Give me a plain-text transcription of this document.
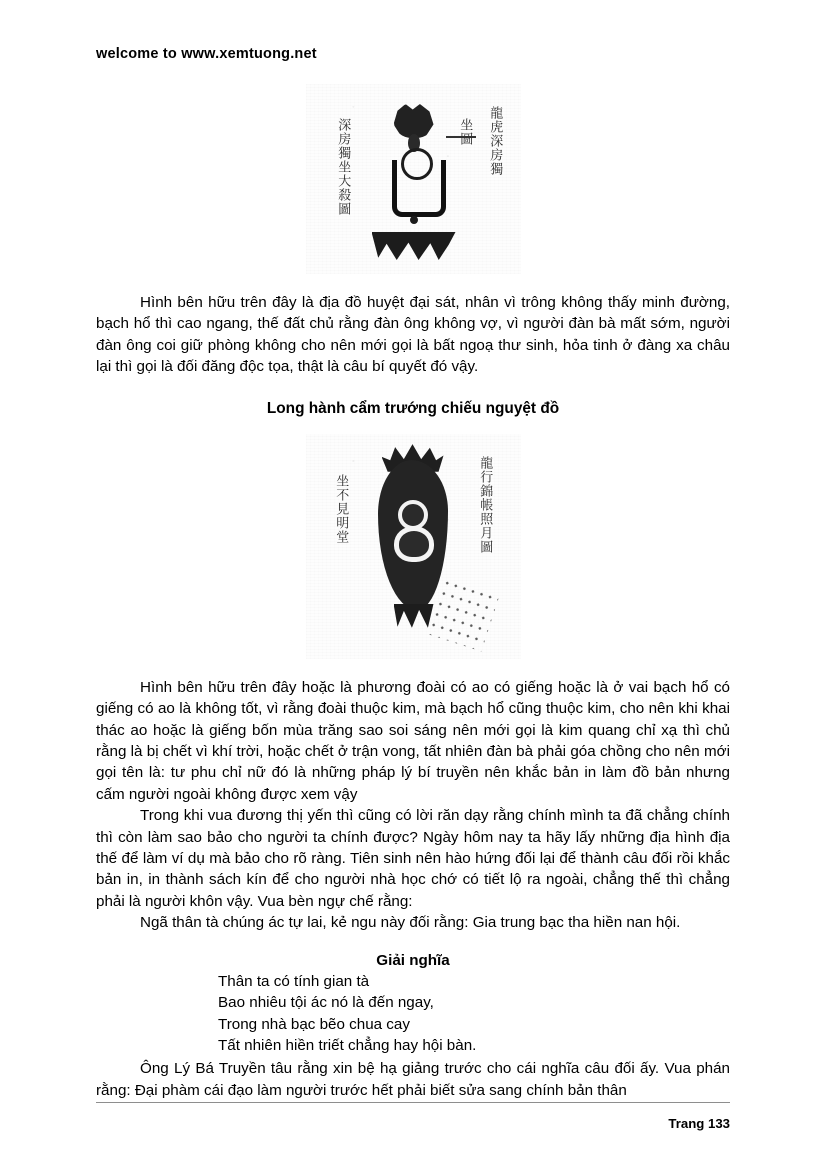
welcome to www.xemtuong.net
深房獨坐大殺圖	坐圖 龍虎深房獨

Hình bên hữu trên đây là địa đồ huyệt đại sát, nhân vì trông không thấy minh đường, bạch hổ thì cao ngang, thế đất chủ rằng đàn ông không vợ, vì người đàn bà mất sớm, người đàn ông coi giữ phòng không cho nên mới gọi là bất ngoạ thư sinh, hỏa tinh ở đàng xa châu lại thì gọi là đối đăng độc tọa, thật là câu bí quyết đó vậy.

Long hành cẩm trướng chiếu nguyệt đồ
坐不見明堂	龍行錦帳照月圖

Hình bên hữu trên đây hoặc là phương đoài có ao có giếng hoặc là ở vai bạch hổ có giếng có ao là không tốt, vì rằng đoài thuộc kim, mà bạch hổ cũng thuộc kim, cho nên khi khai thác ao hoặc là giếng bốn mùa trăng sao soi sáng nên mới gọi là kim quang chỉ xạ thì chủ rằng là bị chết vì khí trời, hoặc chết ở trận vong, tất nhiên đàn bà phải góa chồng cho nên mới gọi tên là: tư phu chỉ nữ đó là những pháp lý bí truyền nên khắc bản in làm đồ bản nhưng cấm người ngoài không được xem vậy

Trong khi vua đương thị yến thì cũng có lời răn dạy rằng chính mình ta đã chẳng chính thì còn làm sao bảo cho người ta chính được? Ngày hôm nay ta hãy lấy những địa hình địa thế để làm ví dụ mà bảo cho rõ ràng. Tiên sinh nên hào hứng đối lại để thành câu đối rồi khắc bản in, in thành sách kín để cho người nhà học chớ có tiết lộ ra ngoài, chẳng thế thì chẳng phải là người khôn vậy. Vua bèn ngự chế rằng:

Ngã thân tà chúng ác tự lai, kẻ ngu này đối rằng: Gia trung bạc tha hiền nan hội.

Giải nghĩa

Thân ta có tính gian tà

Bao nhiêu tội ác nó là đến ngay,

Trong nhà bạc bẽo chua cay

Tất nhiên hiền triết chẳng hay hội bàn.

Ông Lý Bá Truyền tâu rằng xin bệ hạ giảng trước cho cái nghĩa câu đối ấy. Vua phán rằng: Đại phàm cái đạo làm người trước hết phải biết sửa sang chính bản thân

Trang 133
